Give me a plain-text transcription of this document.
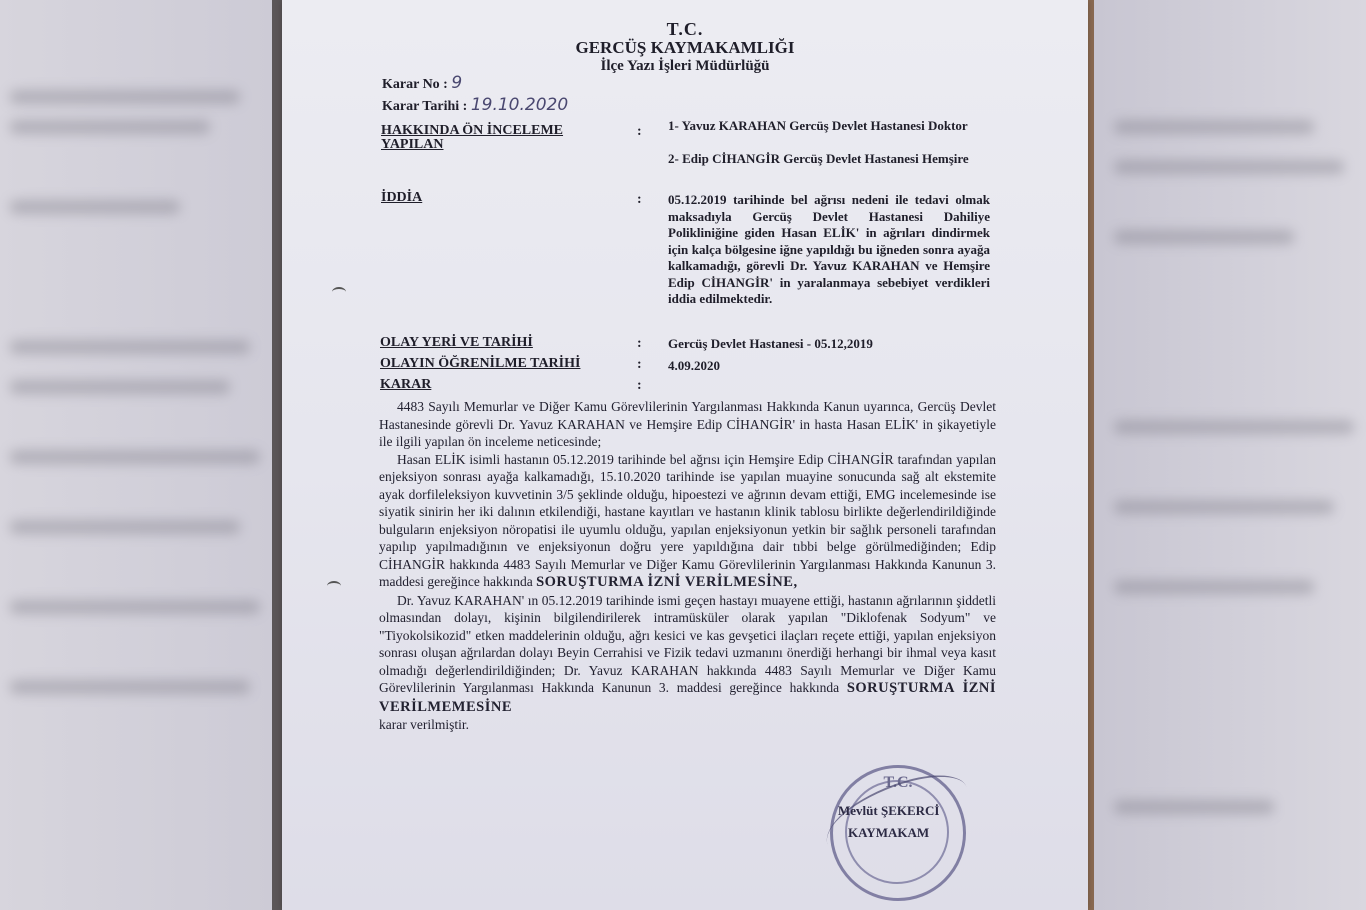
T.C.
GERCÜŞ KAYMAKAMLIĞI
İlçe Yazı İşleri Müdürlüğü
Karar No : 9
Karar Tarihi : 19.10.2020
HAKKINDA ÖN İNCELEME
YAPILAN
: 1- Yavuz KARAHAN Gercüş Devlet Hastanesi Doktor
2- Edip CİHANGİR Gercüş Devlet Hastanesi Hemşire
İDDİA	: 05.12.2019 tarihinde bel ağrısı nedeni ile tedavi olmak maksadıyla Gercüş Devlet Hastanesi Dahiliye Polikliniğine giden Hasan ELİK' in ağrıları dindirmek için kalça bölgesine iğne yapıldığı bu iğneden sonra ayağa kalkamadığı, görevli Dr. Yavuz KARAHAN ve Hemşire Edip CİHANGİR' in yaralanmaya sebebiyet verdikleri iddia edilmektedir.
OLAY YERİ VE TARİHİ	: Gercüş Devlet Hastanesi - 05.12,2019
OLAYIN ÖĞRENİLME TARİHİ	: 4.09.2020
KARAR	:

4483 Sayılı Memurlar ve Diğer Kamu Görevlilerinin Yargılanması Hakkında Kanun uyarınca, Gercüş Devlet Hastanesinde görevli Dr. Yavuz KARAHAN ve Hemşire Edip CİHANGİR' in hasta Hasan ELİK' in şikayetiyle ile ilgili yapılan ön inceleme neticesinde;

Hasan ELİK isimli hastanın 05.12.2019 tarihinde bel ağrısı için Hemşire Edip CİHANGİR tarafından yapılan enjeksiyon sonrası ayağa kalkamadığı, 15.10.2020 tarihinde ise yapılan muayine sonucunda sağ alt ekstemite ayak dorfileleksiyon kuvvetinin 3/5 şeklinde olduğu, hipoestezi ve ağrının devam ettiği, EMG incelemesinde ise siyatik sinirin her iki dalının etkilendiği, hastane kayıtları ve hastanın klinik tablosu birlikte değerlendirildiğinde bulguların enjeksiyon nöropatisi ile uyumlu olduğu, yapılan enjeksiyonun yetkin bir sağlık personeli tarafından yapılıp yapılmadığının ve enjeksiyonun doğru yere yapıldığına dair tıbbi belge görülmediğinden; Edip CİHANGİR hakkında 4483 Sayılı Memurlar ve Diğer Kamu Görevlilerinin Yargılanması Hakkında Kanunun 3. maddesi gereğince hakkında SORUŞTURMA İZNİ VERİLMESİNE,

Dr. Yavuz KARAHAN' ın 05.12.2019 tarihinde ismi geçen hastayı muayene ettiği, hastanın ağrılarının şiddetli olmasından dolayı, kişinin bilgilendirilerek intramüsküler olarak yapılan "Diklofenak Sodyum" ve "Tiyokolsikozid" etken maddelerinin olduğu, ağrı kesici ve kas gevşetici ilaçları reçete ettiği, yapılan enjeksiyon sonrası oluşan ağrılardan dolayı Beyin Cerrahisi ve Fizik tedavi uzmanını önerdiği herhangi bir ihmal veya kasıt olmadığı değerlendirildiğinden; Dr. Yavuz KARAHAN hakkında 4483 Sayılı Memurlar ve Diğer Kamu Görevlilerinin Yargılanması Hakkında Kanunun 3. maddesi gereğince hakkında SORUŞTURMA İZNİ VERİLMEMESİNE

karar verilmiştir.

T.C.
Mevlüt ŞEKERCİ
KAYMAKAM
